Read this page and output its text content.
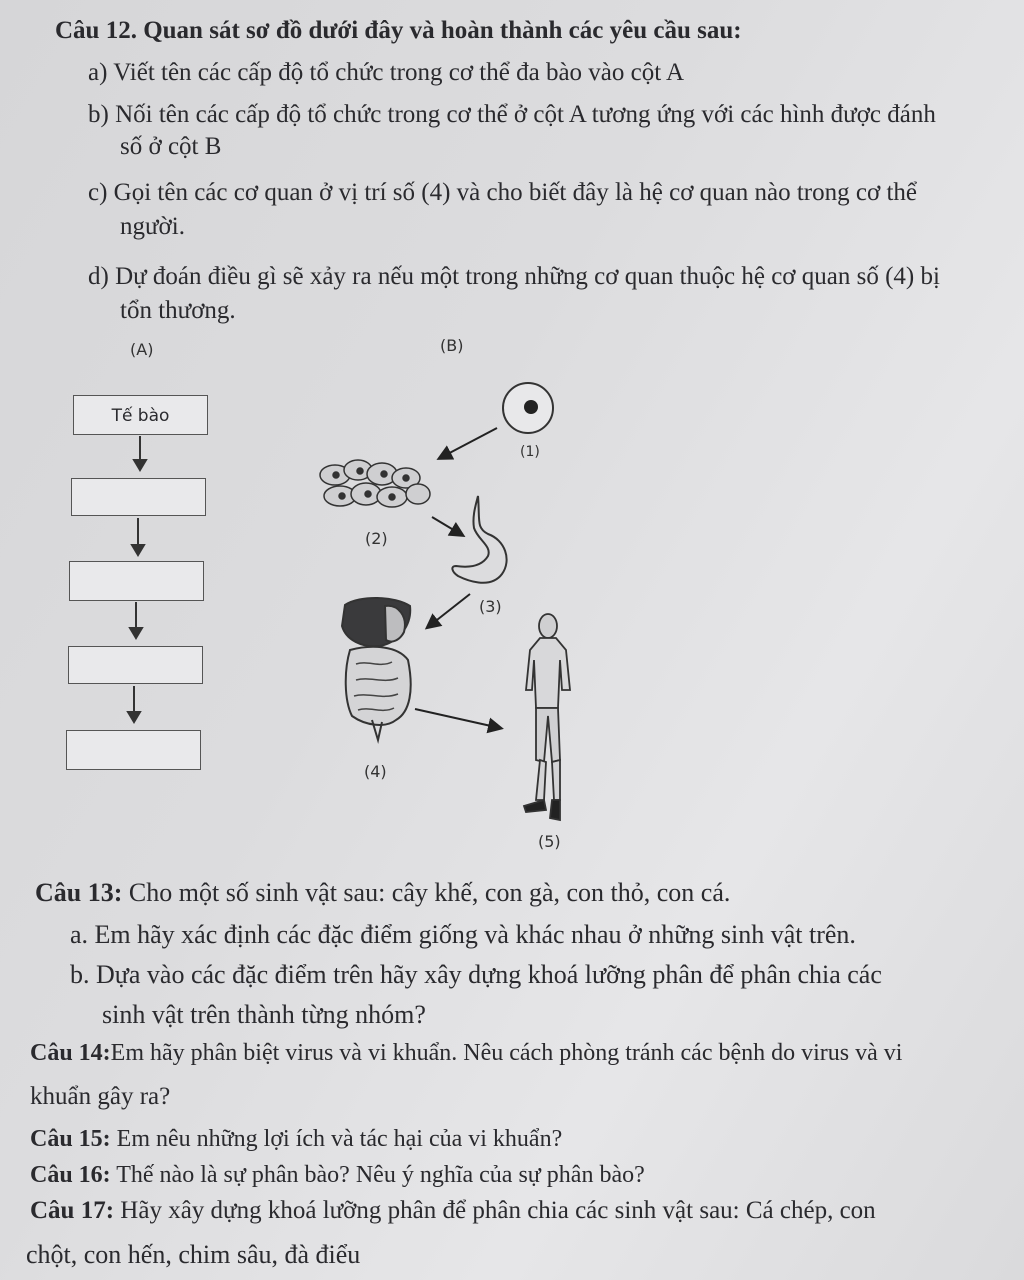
Câu 12. Quan sát sơ đồ dưới đây và hoàn thành các yêu cầu sau:
a) Viết tên các cấp độ tổ chức trong cơ thể đa bào vào cột A
b) Nối tên các cấp độ tổ chức trong cơ thể ở cột A tương ứng với các hình được đánh
số ở cột B
c) Gọi tên các cơ quan ở vị trí số (4) và cho biết đây là hệ cơ quan nào trong cơ thể
người.
d) Dự đoán điều gì sẽ xảy ra nếu một trong những cơ quan thuộc hệ cơ quan số (4) bị
tổn thương.
(A)	(B)
Tế bào
(1)
(2)
(3)
(4)
(5)
Câu 13: Cho một số sinh vật sau: cây khế, con gà, con thỏ, con cá.
a. Em hãy xác định các đặc điểm giống và khác nhau ở những sinh vật trên.
b. Dựa vào các đặc điểm trên hãy xây dựng khoá lưỡng phân để phân chia các
sinh vật trên thành từng nhóm?
Câu 14:Em hãy phân biệt virus và vi khuẩn. Nêu cách phòng tránh các bệnh do virus và vi
khuẩn gây ra?
Câu 15: Em nêu những lợi ích và tác hại của vi khuẩn?
Câu 16: Thế nào là sự phân bào? Nêu ý nghĩa của sự phân bào?
Câu 17: Hãy xây dựng khoá lưỡng phân để phân chia các sinh vật sau: Cá chép, con
chột, con hến, chim sâu, đà điểu
